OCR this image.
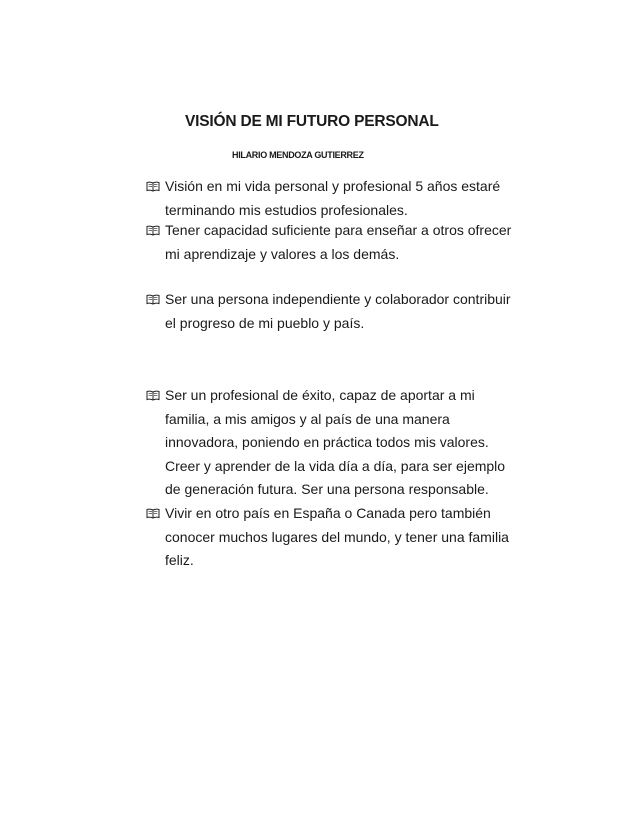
VISIÓN DE MI FUTURO PERSONAL
HILARIO MENDOZA GUTIERREZ
Visión en mi vida personal y profesional 5 años estaré
terminando mis estudios profesionales.
Tener capacidad suficiente para enseñar a otros ofrecer
mi aprendizaje y valores a los demás.
Ser una persona independiente y colaborador contribuir
el progreso de mi pueblo y país.
Ser un profesional de éxito, capaz de aportar a mi
familia, a mis amigos y al país de una manera
innovadora, poniendo en práctica todos mis valores.
Creer y aprender de la vida día a día, para ser ejemplo
de generación futura. Ser una persona responsable.
Vivir en otro país en España o Canada pero también
conocer muchos lugares del mundo, y tener una familia
feliz.
